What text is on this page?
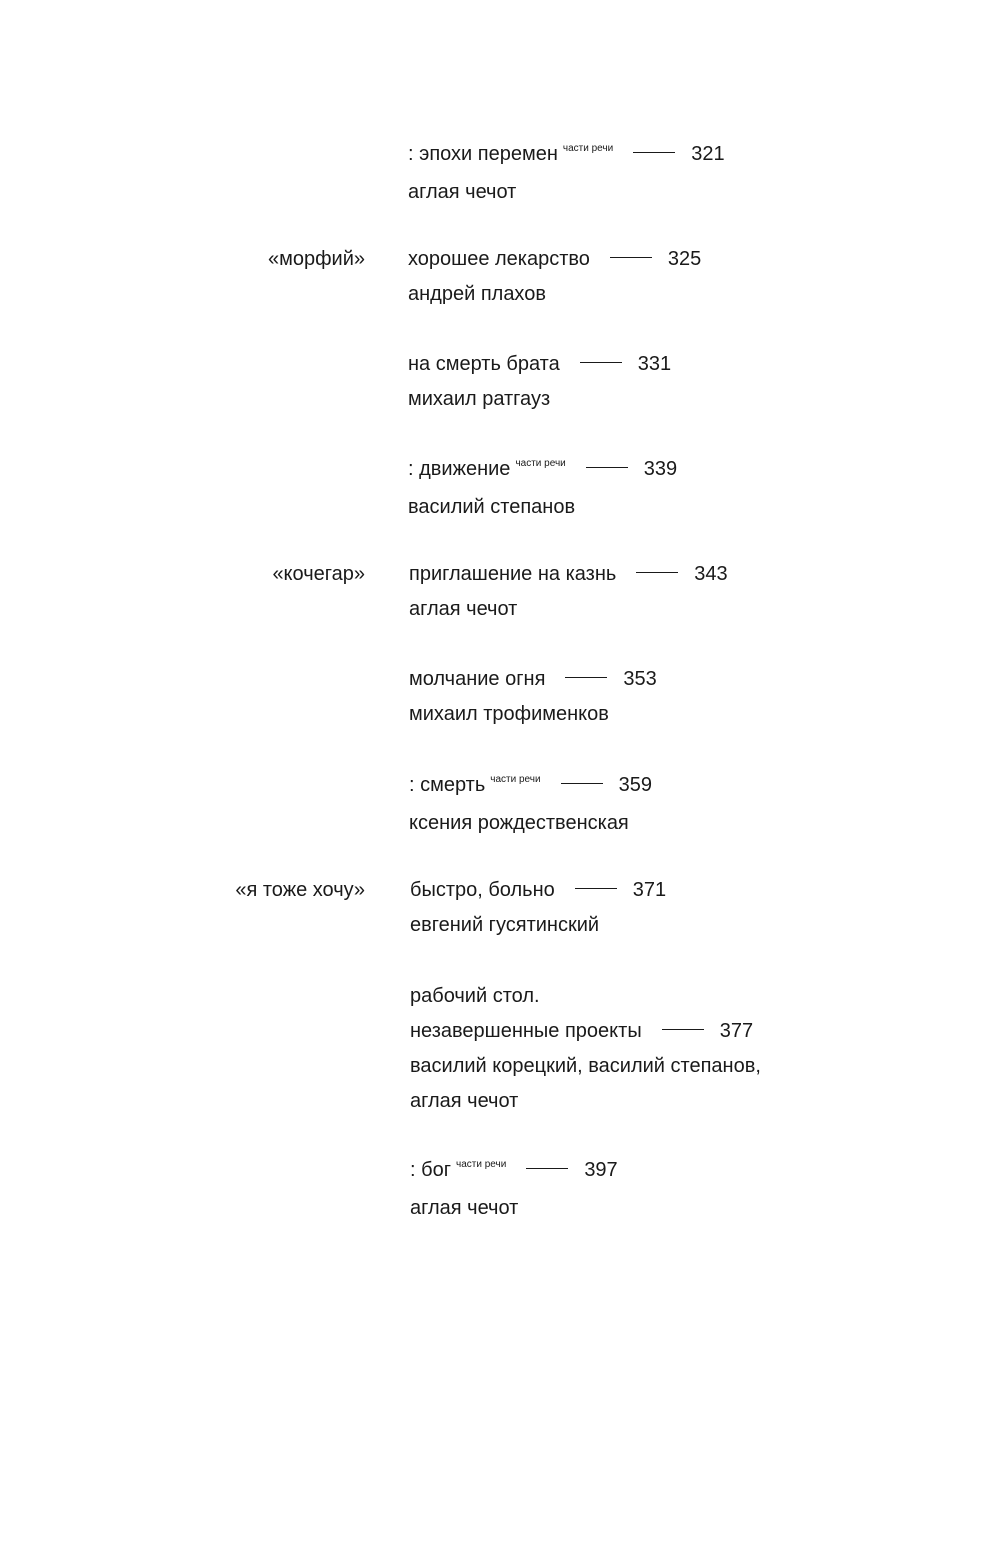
: эпохи перемен части речи	321
аглая чечот
«морфий» хорошее лекарство	325
андрей плахов
на смерть брата	331
михаил ратгауз
: движение части речи	339
василий степанов
«кочегар» приглашение на казнь	343
аглая чечот
молчание огня	353
михаил трофименков
: смерть части речи	359
ксения рождественская
«я тоже хочу» быстро, больно	371
евгений гусятинский
рабочий стол.
незавершенные проекты	377
василий корецкий, василий степанов,
аглая чечот
: бог части речи	397
аглая чечот
